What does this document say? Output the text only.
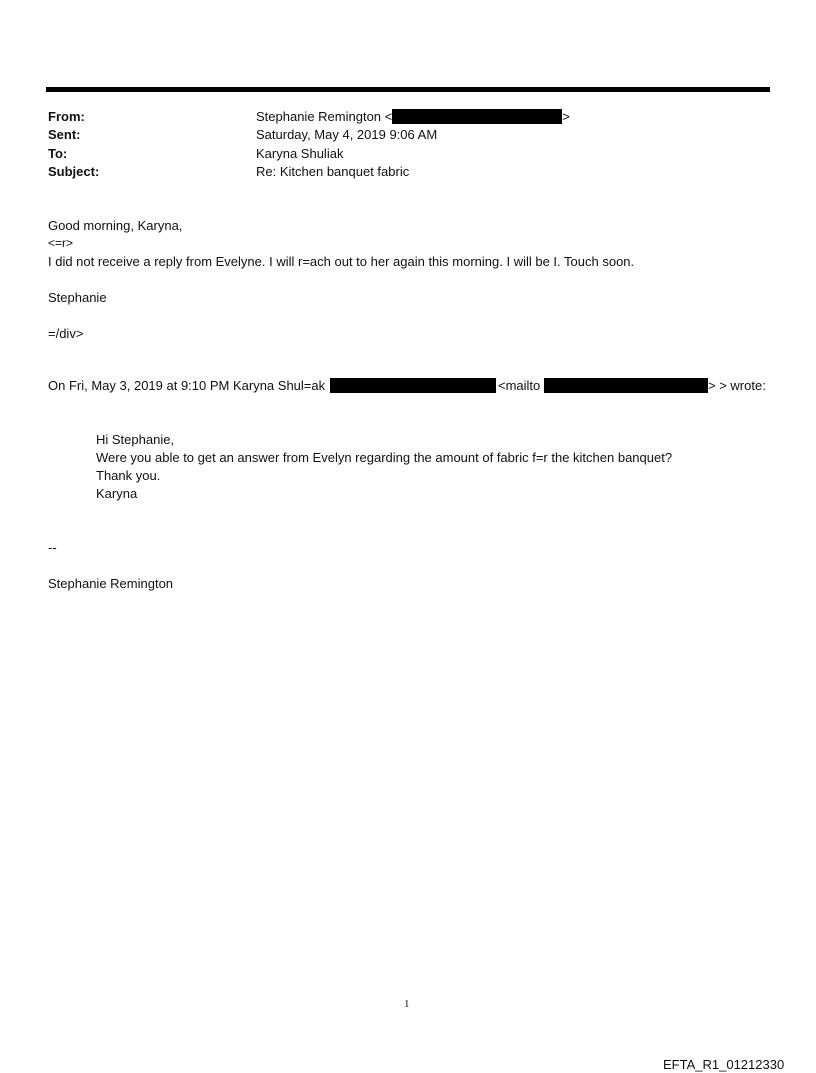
From:	Stephanie Remington <	>
Sent:	Saturday, May 4, 2019 9:06 AM
To:	Karyna Shuliak
Subject:	Re: Kitchen banquet fabric
Good morning, Karyna,
<=r>
I did not receive a reply from Evelyne. I will r=ach out to her again this morning. I will be I. Touch soon.
Stephanie
=/div>
On Fri, May 3, 2019 at 9:10 PM Karyna Shul=ak	<mailto	> > wrote:
Hi Stephanie,
Were you able to get an answer from Evelyn regarding the amount of fabric f=r the kitchen banquet?
Thank you.
Karyna
--
Stephanie Remington
1
EFTA_R1_01212330
